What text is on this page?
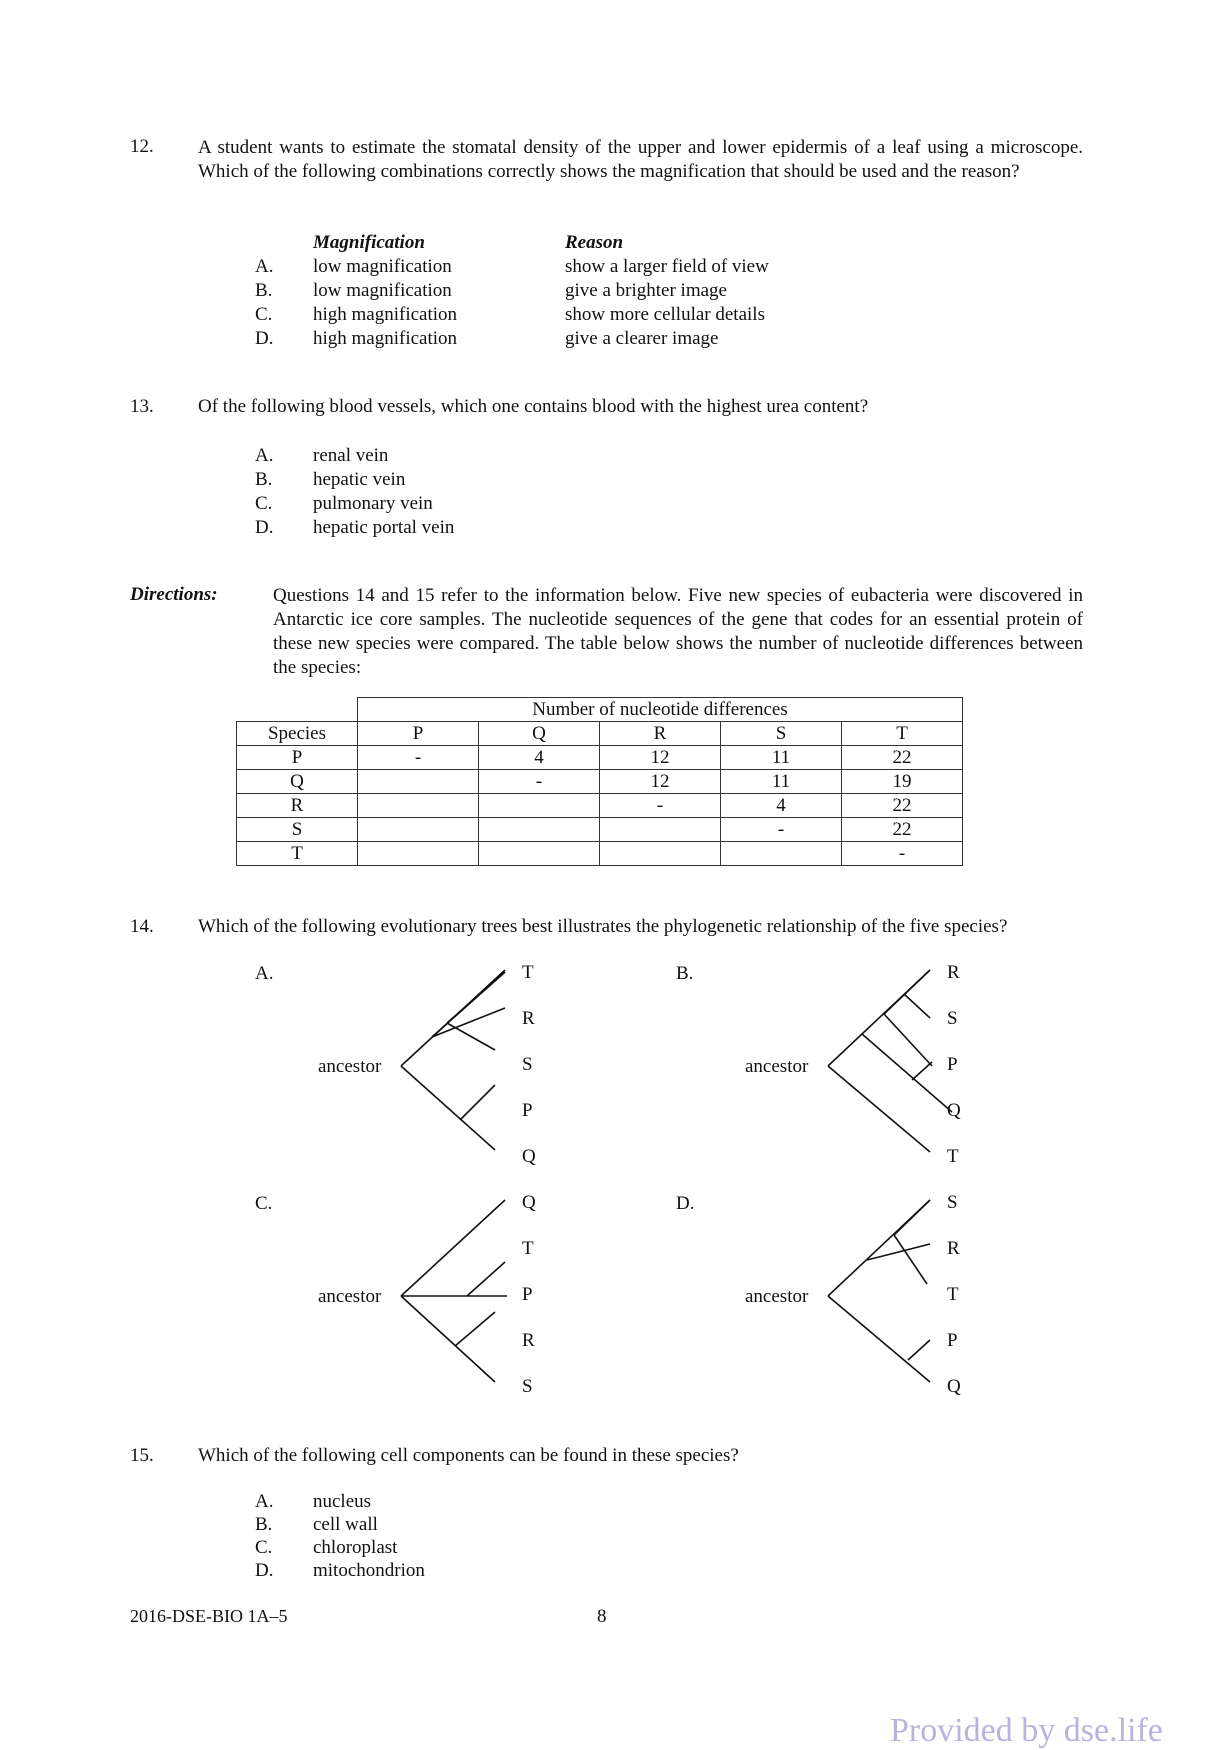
12. A student wants to estimate the stomatal density of the upper and lower epidermis of a leaf using a microscope. Which of the following combinations correctly shows the magnification that should be used and the reason?
Magnification	Reason
A. low magnification	show a larger field of view
B. low magnification	give a brighter image
C. high magnification	show more cellular details
D. high magnification	give a clearer image
13. Of the following blood vessels, which one contains blood with the highest urea content?
A. renal vein
B. hepatic vein
C. pulmonary vein
D. hepatic portal vein
Directions:	Questions 14 and 15 refer to the information below. Five new species of eubacteria were discovered in Antarctic ice core samples. The nucleotide sequences of the gene that codes for an essential protein of these new species were compared. The table below shows the number of nucleotide differences between the species:
	Number of nucleotide differences				
Species	P	Q	R	S	T
P	-	4	12	11	22
Q		-	12	11	19
R			-	4	22
S				-	22
T					-
14. Which of the following evolutionary trees best illustrates the phylogenetic relationship of the five species?
A.
ancestor
T
R
S
P
Q
B.
ancestor
R
S
P
Q
T
C.
ancestor
Q
T
P
R
S
D.
ancestor
S
R
T
P
Q
15. Which of the following cell components can be found in these species?
A. nucleus
B. cell wall
C. chloroplast
D. mitochondrion
2016-DSE-BIO 1A–5	8
Provided by dse.life
